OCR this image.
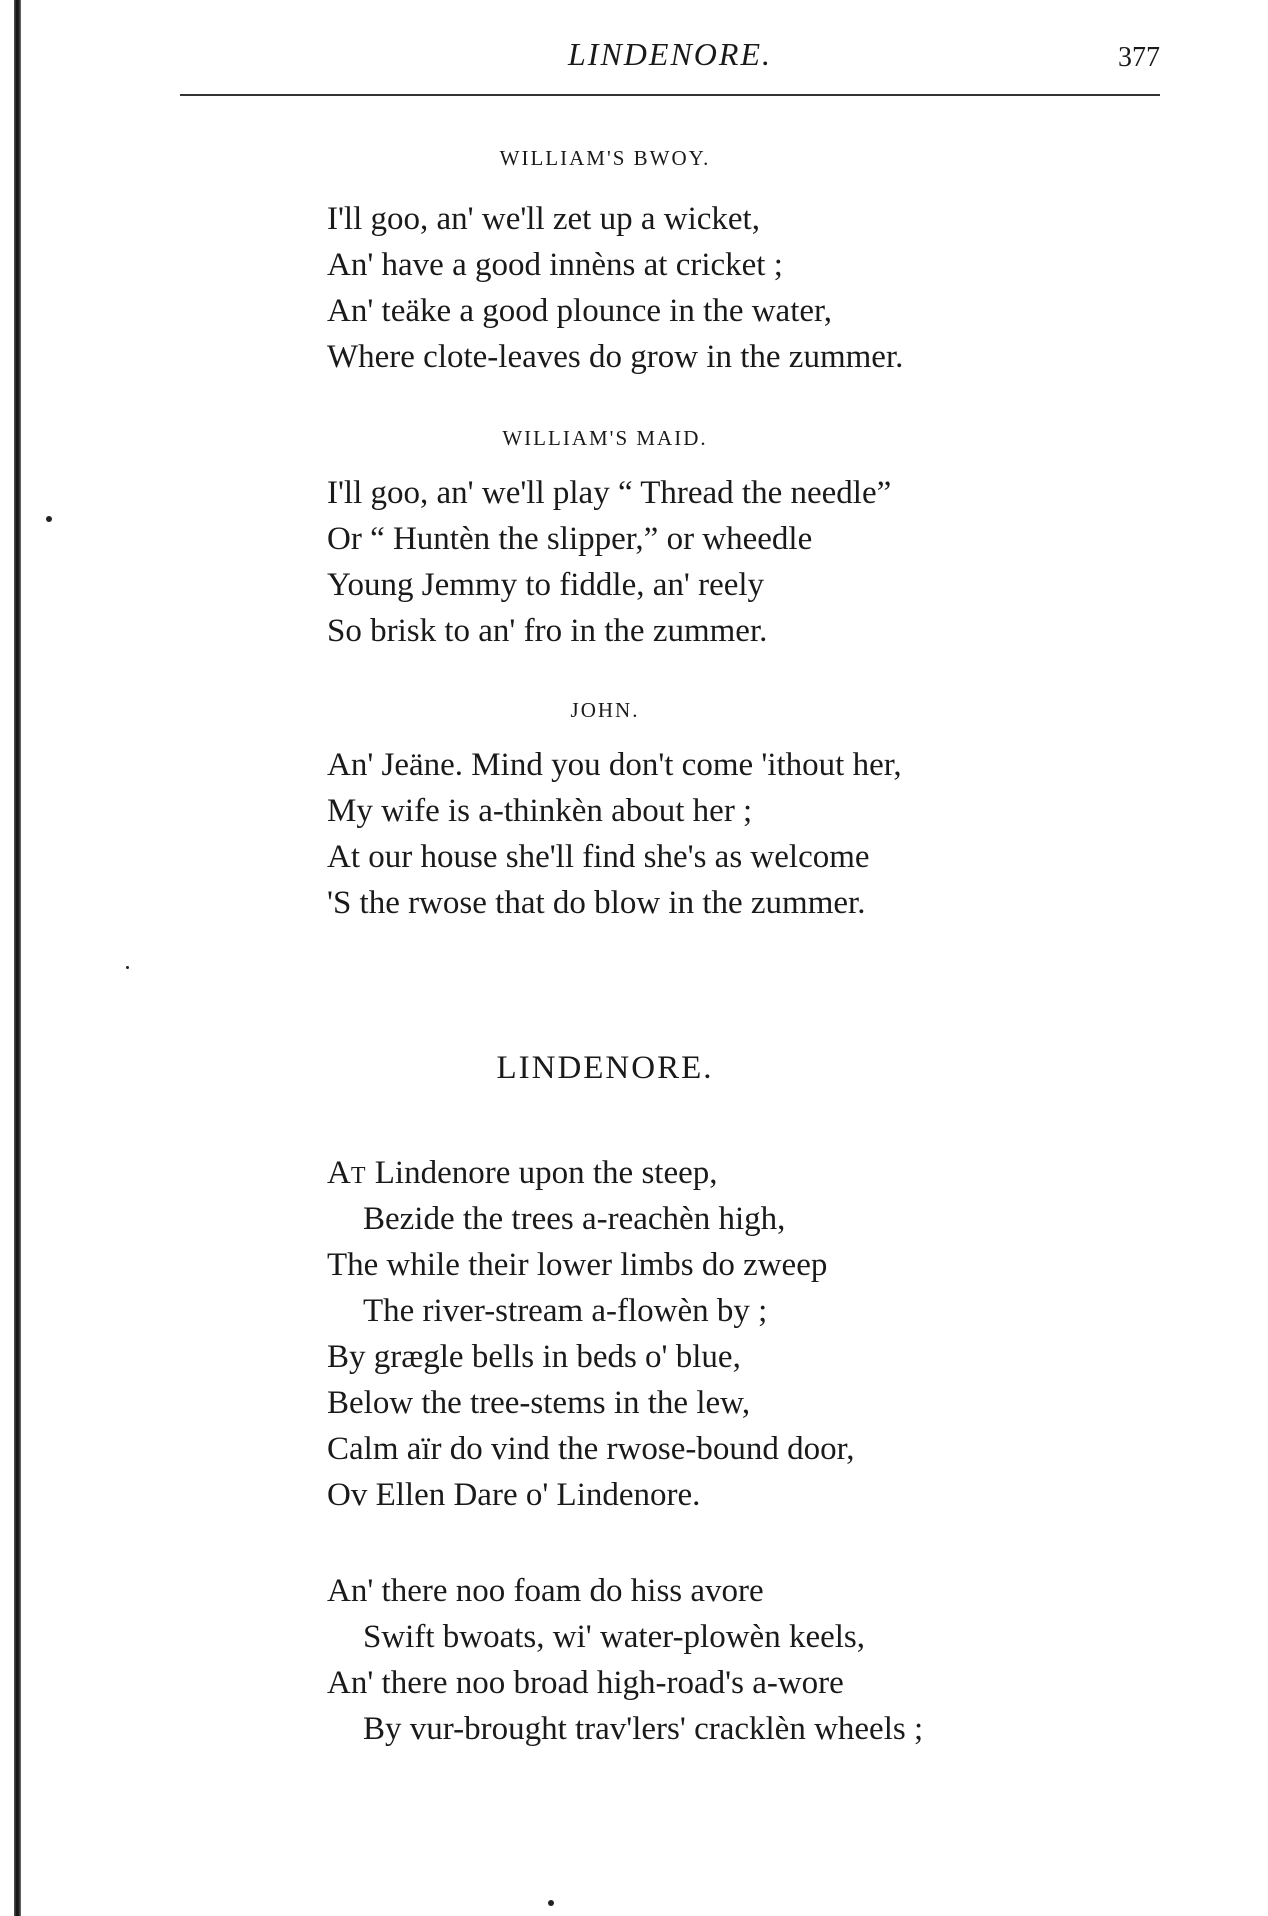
LINDENORE.	377
WILLIAM'S BWOY.
I'll goo, an' we'll zet up a wicket,
An' have a good innèns at cricket ;
An' teäke a good plounce in the water,
Where clote-leaves do grow in the zummer.
WILLIAM'S MAID.
I'll goo, an' we'll play “ Thread the needle”
Or “ Huntèn the slipper,” or wheedle
Young Jemmy to fiddle, an' reely
So brisk to an' fro in the zummer.
JOHN.
An' Jeäne. Mind you don't come 'ithout her,
My wife is a-thinkèn about her ;
At our house she'll find she's as welcome
'S the rwose that do blow in the zummer.
LINDENORE.
AT Lindenore upon the steep,
Bezide the trees a-reachèn high,
The while their lower limbs do zweep
The river-stream a-flowèn by ;
By grægle bells in beds o' blue,
Below the tree-stems in the lew,
Calm aïr do vind the rwose-bound door,
Ov Ellen Dare o' Lindenore.
An' there noo foam do hiss avore
Swift bwoats, wi' water-plowèn keels,
An' there noo broad high-road's a-wore
By vur-brought trav'lers' cracklèn wheels ;
